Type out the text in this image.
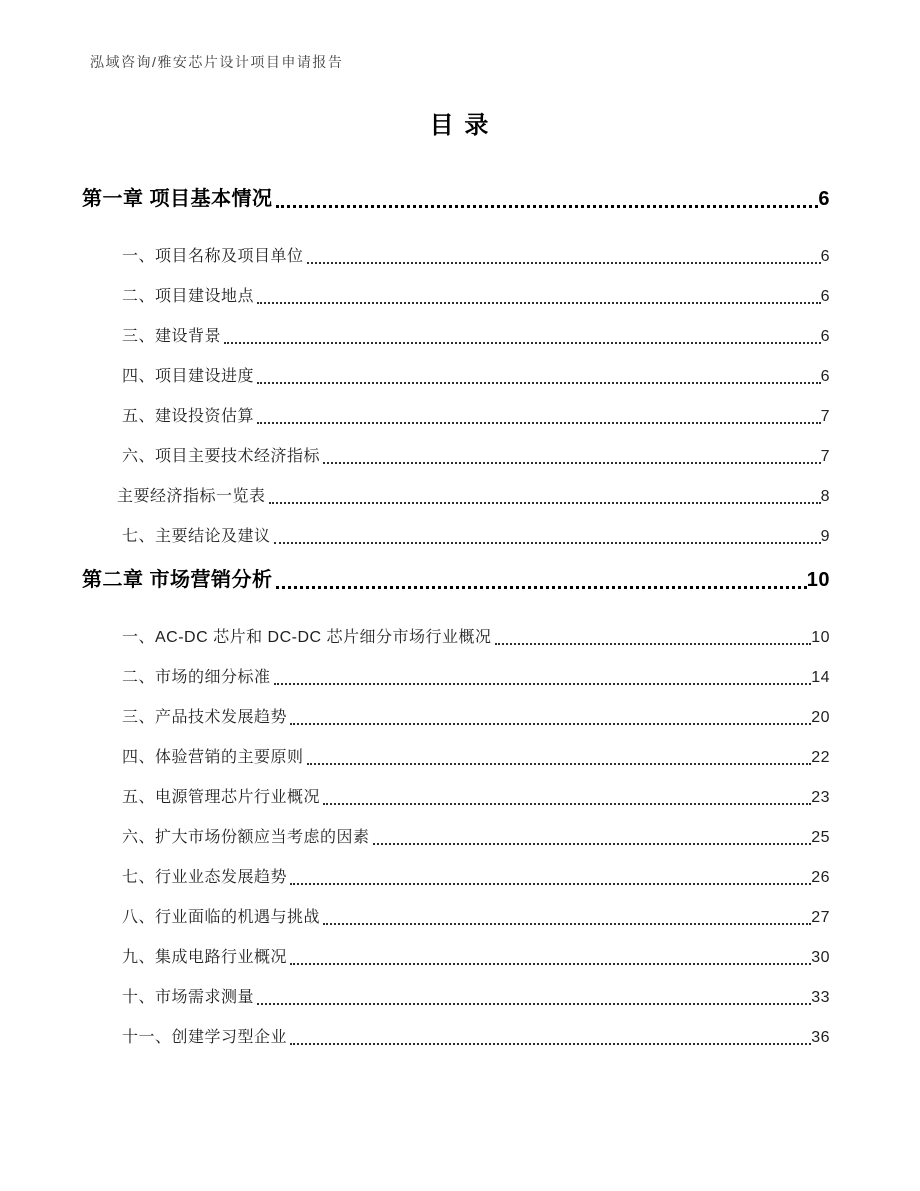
泓域咨询/雅安芯片设计项目申请报告
目 录
第一章 项目基本情况	6
一、项目名称及项目单位	6
二、项目建设地点	6
三、建设背景	6
四、项目建设进度	6
五、建设投资估算	7
六、项目主要技术经济指标	7
主要经济指标一览表	8
七、主要结论及建议	9
第二章 市场营销分析	10
一、AC-DC 芯片和 DC-DC 芯片细分市场行业概况	10
二、市场的细分标准	14
三、产品技术发展趋势	20
四、体验营销的主要原则	22
五、电源管理芯片行业概况	23
六、扩大市场份额应当考虑的因素	25
七、行业业态发展趋势	26
八、行业面临的机遇与挑战	27
九、集成电路行业概况	30
十、市场需求测量	33
十一、创建学习型企业	36
